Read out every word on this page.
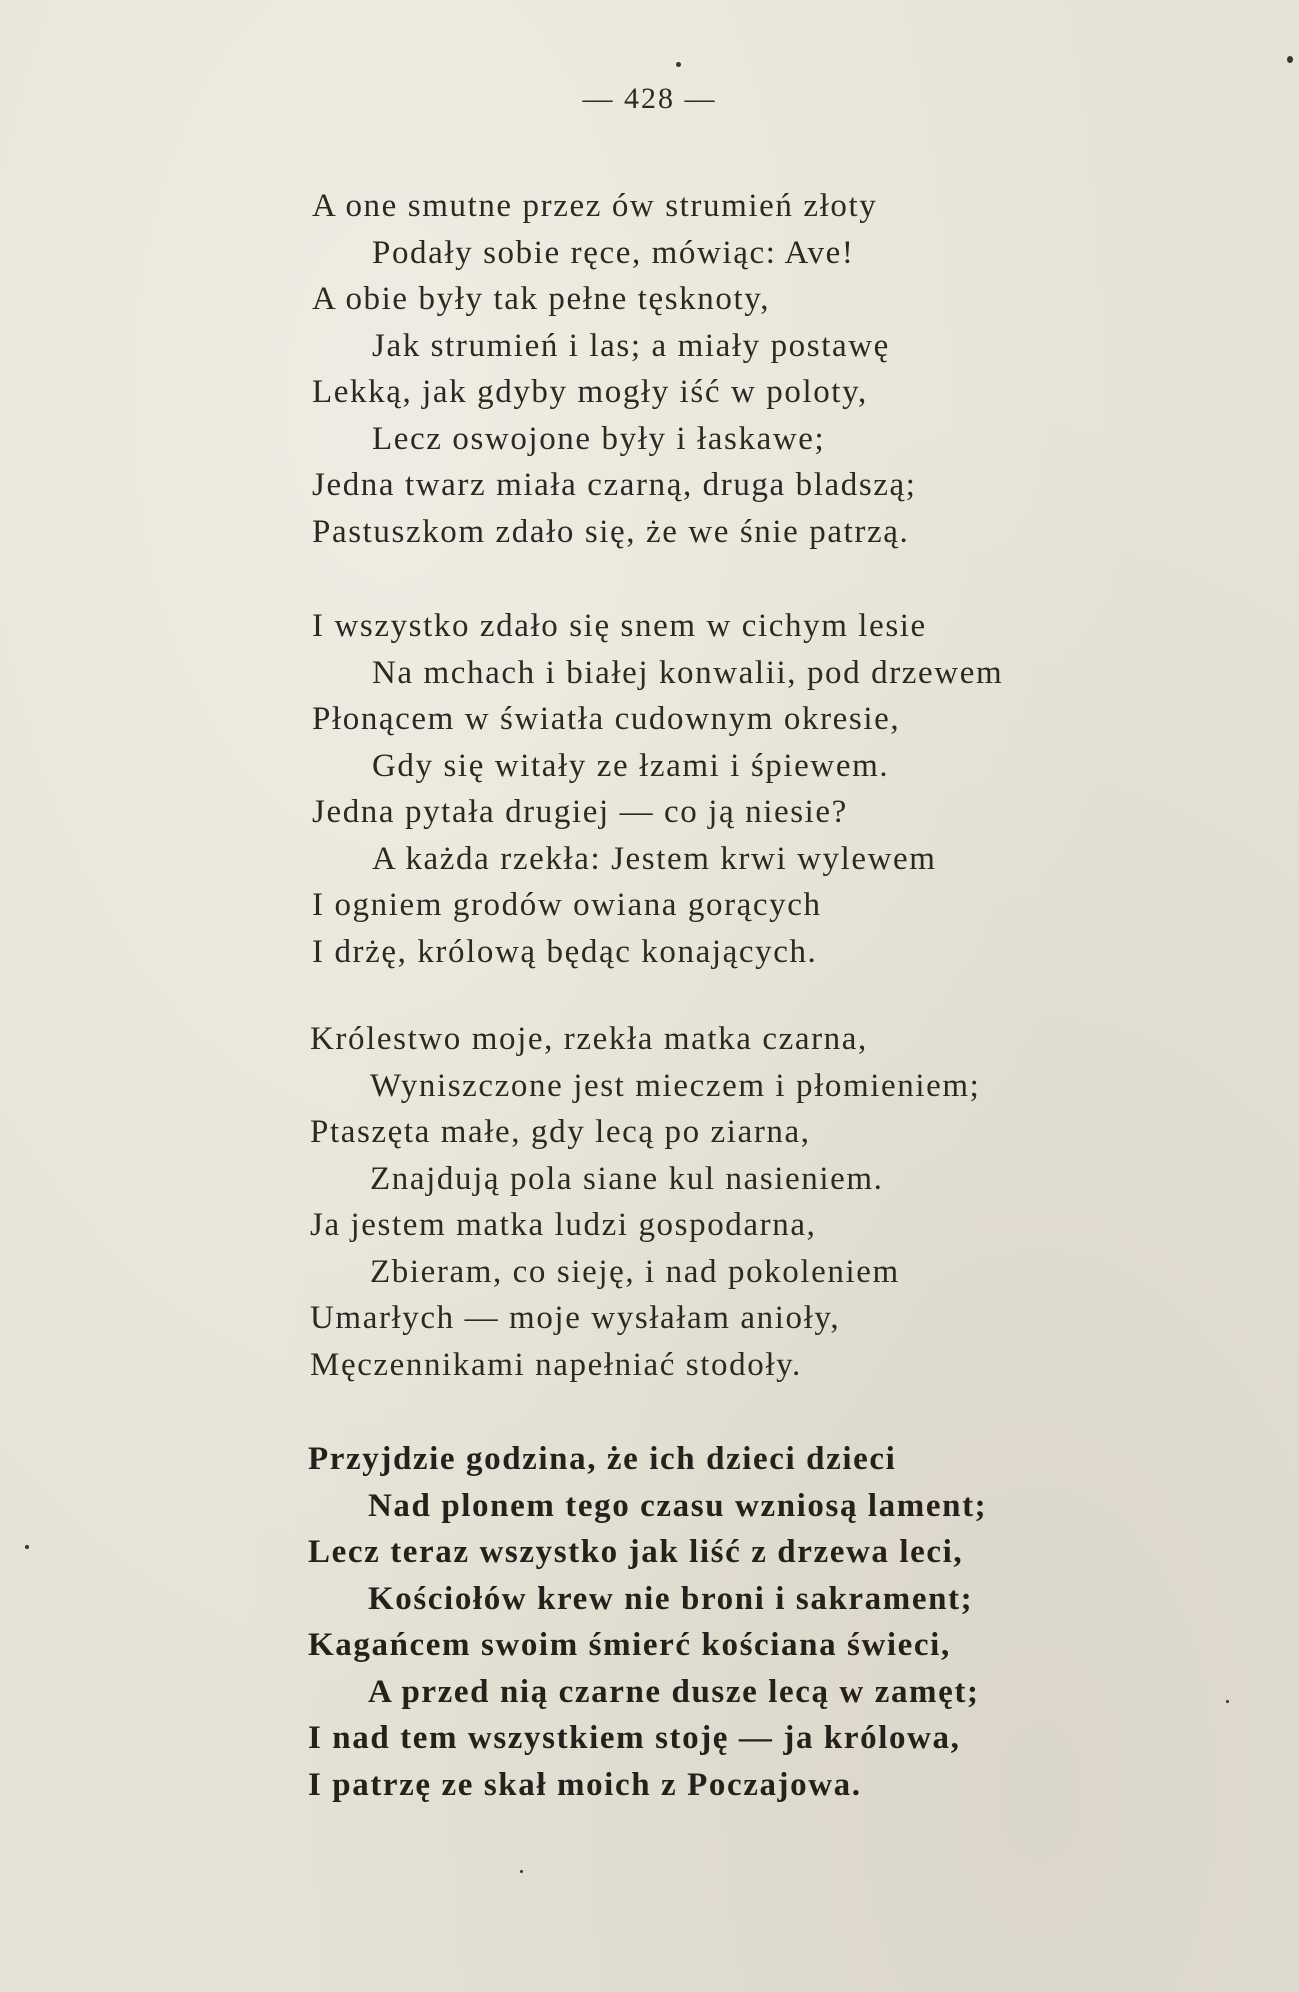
— 428 —
A one smutne przez ów strumień złoty
Podały sobie ręce, mówiąc: Ave!
A obie były tak pełne tęsknoty,
Jak strumień i las; a miały postawę
Lekką, jak gdyby mogły iść w poloty,
Lecz oswojone były i łaskawe;
Jedna twarz miała czarną, druga bladszą;
Pastuszkom zdało się, że we śnie patrzą.
I wszystko zdało się snem w cichym lesie
Na mchach i białej konwalii, pod drzewem
Płonącem w światła cudownym okresie,
Gdy się witały ze łzami i śpiewem.
Jedna pytała drugiej — co ją niesie?
A każda rzekła: Jestem krwi wylewem
I ogniem grodów owiana gorących
I drżę, królową będąc konających.
Królestwo moje, rzekła matka czarna,
Wyniszczone jest mieczem i płomieniem;
Ptaszęta małe, gdy lecą po ziarna,
Znajdują pola siane kul nasieniem.
Ja jestem matka ludzi gospodarna,
Zbieram, co sieję, i nad pokoleniem
Umarłych — moje wysłałam anioły,
Męczennikami napełniać stodoły.
Przyjdzie godzina, że ich dzieci dzieci
Nad plonem tego czasu wzniosą lament;
Lecz teraz wszystko jak liść z drzewa leci,
Kościołów krew nie broni i sakrament;
Kagańcem swoim śmierć kościana świeci,
A przed nią czarne dusze lecą w zamęt;
I nad tem wszystkiem stoję — ja królowa,
I patrzę ze skał moich z Poczajowa.
